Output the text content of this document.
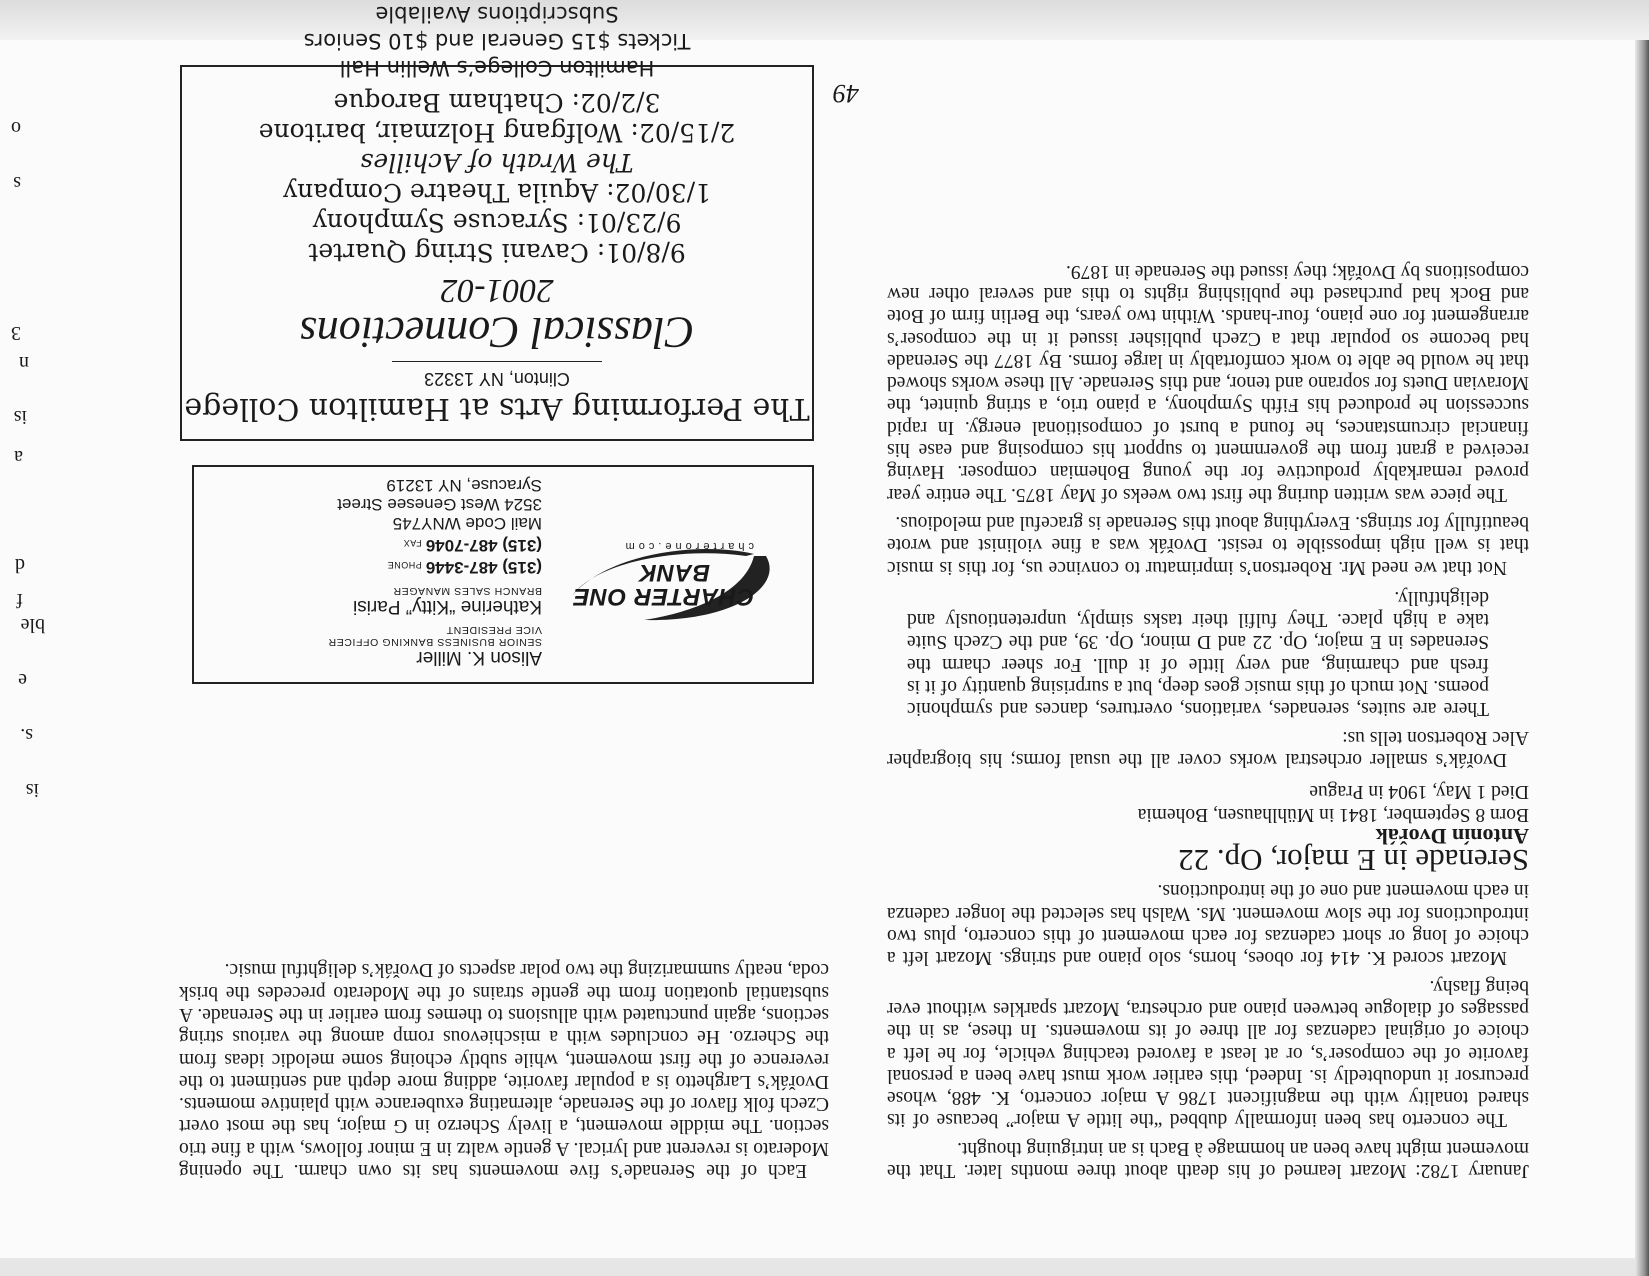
January 1782: Mozart learned of his death about three months later. That the movement might have been an hommage à Bach is an intriguing thought.

The concerto has been informally dubbed “the little A major” because of its shared tonality with the magnificent 1786 A major concerto, K. 488, whose precursor it undoubtedly is. Indeed, this earlier work must have been a personal favorite of the composer’s, or at least a favored teaching vehicle, for he left a choice of original cadenzas for all three of its movements. In these, as in the passages of dialogue between piano and orchestra, Mozart sparkles without ever being flashy.

Mozart scored K. 414 for oboes, horns, solo piano and strings. Mozart left a choice of long or short cadenzas for each movement of this concerto, plus two introductions for the slow movement. Ms. Walsh has selected the longer cadenza in each movement and one of the introductions.

Serenade in E major, Op. 22
Antonín Dvořák

Born 8 September, 1841 in Mühlhausen, Bohemia

Died 1 May, 1904 in Prague

Dvořák’s smaller orchestral works cover all the usual forms; his biographer Alec Robertson tells us:

There are suites, serenades, variations, overtures, dances and symphonic poems. Not much of this music goes deep, but a surprising quantity of it is fresh and charming, and very little of it dull. For sheer charm the Serenades in E major, Op. 22 and D minor, Op. 39, and the Czech Suite take a high place. They fulfil their tasks simply, unpretentiously and delightfully.

Not that we need Mr. Robertson’s imprimatur to convince us, for this is music that is well nigh impossible to resist. Dvořák was a fine violinist and wrote beautifully for strings. Everything about this Serenade is graceful and melodious.

The piece was written during the first two weeks of May 1875. The entire year proved remarkably productive for the young Bohemian composer. Having received a grant from the government to support his composing and ease his financial circumstances, he found a burst of compositional energy. In rapid succession he produced his Fifth Symphony, a piano trio, a string quintet, the Moravian Duets for soprano and tenor, and this Serenade. All these works showed that he would be able to work comfortably in large forms. By 1877 the Serenade had become so popular that a Czech publisher issued it in the composer’s arrangement for one piano, four-hands. Within two years, the Berlin firm of Bote and Bock had purchased the publishing rights to this and several other new compositions by Dvořák; they issued the Serenade in 1879.

Each of the Serenade’s five movements has its own charm. The opening Moderato is reverent and lyrical. A gentle waltz in E minor follows, with a fine trio section. The middle movement, a lively Scherzo in G major, has the most overt Czech folk flavor of the Serenade, alternating exuberance with plaintive moments. Dvořák’s Larghetto is a popular favorite, adding more depth and sentiment to the reverence of the first movement, while subtly echoing some melodic ideas from the Scherzo. He concludes with a mischievous romp among the various string sections, again punctuated with allusions to themes from earlier in the Serenade. A substantial quotation from the gentle strains of the Moderato precedes the brisk coda, neatly summarizing the two polar aspects of Dvořák’s delightful music.

CHARTER ONE
BANK
charterone.com
Alison K. Miller
SENIOR BUSINESS BANKING OFFICER
VICE PRESIDENT
Katherine “Kitty” Parisi
BRANCH SALES MANAGER
(315) 487-3446PHONE
(315) 487-7046FAX
Mail Code WNY745
3524 West Genesee Street
Syracuse, NY 13219
The Performing Arts at Hamilton College
Clinton, NY 13323
Classical Connections
2001-02
9/8/01: Cavani String Quartet
9/23/01: Syracuse Symphony
1/30/02: Aquila Theatre Company
The Wrath of Achilles
2/15/02: Wolfgang Holzmair, baritone
3/2/02: Chatham Baroque
Hamilton College’s Wellin Hall
Tickets $15 General and $10 Seniors
Subscriptions Available
49
is
s.
e
ble
f
d
a
is
n
3
s
o
